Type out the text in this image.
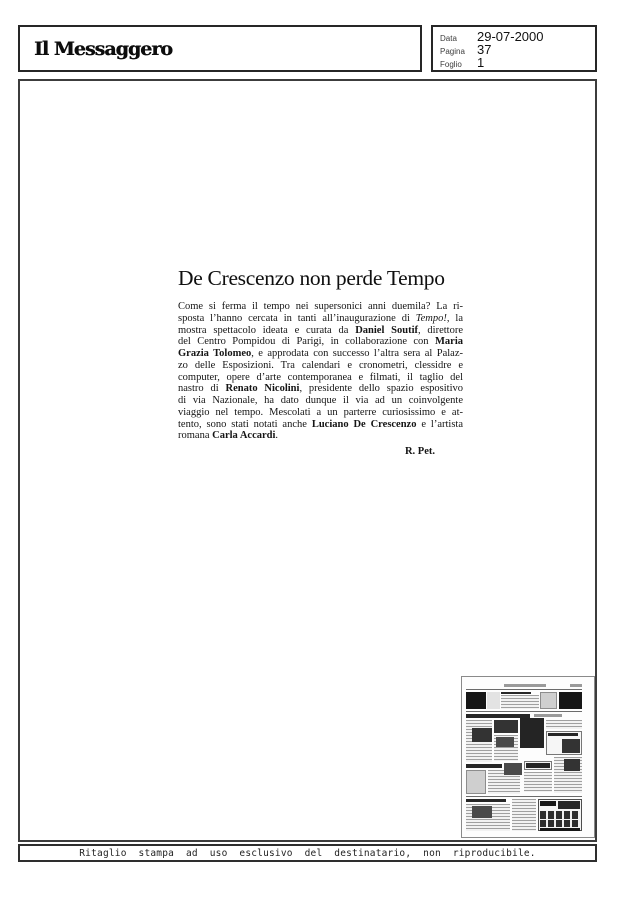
Il Messaggero	Data	29-07-2000
Pagina 37
Foglio	1
De Crescenzo non perde Tempo
Come si ferma il tempo nei supersonici anni duemila? La ri-
sposta l’hanno cercata in tanti all’inaugurazione di Tempo!, la
mostra spettacolo ideata e curata da Daniel Soutif, direttore
del Centro Pompidou di Parigi, in collaborazione con Maria
Grazia Tolomeo, e approdata con successo l’altra sera al Palaz-
zo delle Esposizioni. Tra calendari e cronometri, clessidre e
computer, opere d’arte contemporanea e filmati, il taglio del
nastro di Renato Nicolini, presidente dello spazio espositivo
di via Nazionale, ha dato dunque il via ad un coinvolgente
viaggio nel tempo. Mescolati a un parterre curiosissimo e at-
tento, sono stati notati anche Luciano De Crescenzo e l’artista
romana Carla Accardi.
R. Pet.
Ritaglio stampa ad uso esclusivo del destinatario, non riproducibile.
